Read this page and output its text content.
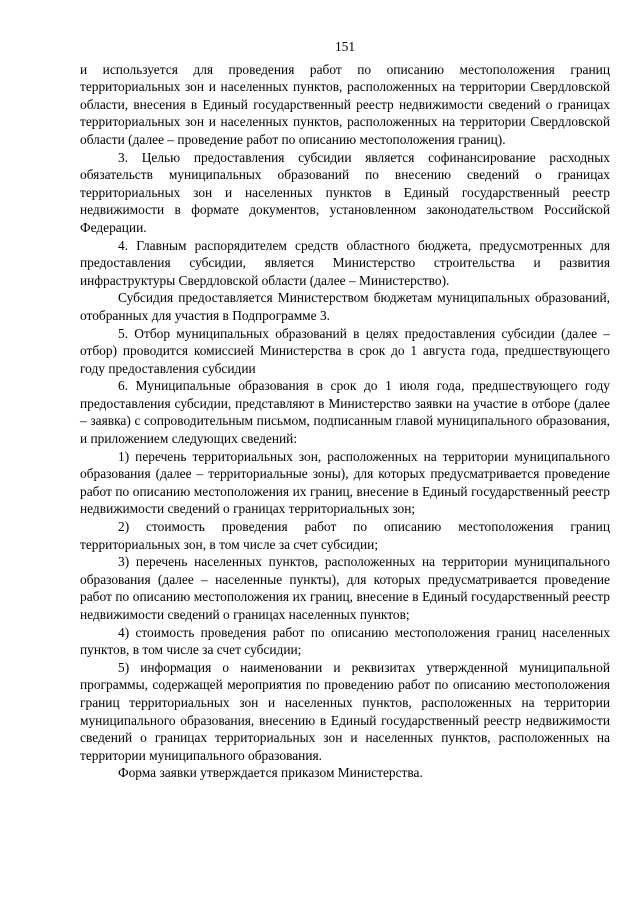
151

и используется для проведения работ по описанию местоположения границ территориальных зон и населенных пунктов, расположенных на территории Свердловской области, внесения в Единый государственный реестр недвижимости сведений о границах территориальных зон и населенных пунктов, расположенных на территории Свердловской области (далее – проведение работ по описанию местоположения границ).

3. Целью предоставления субсидии является софинансирование расходных обязательств муниципальных образований по внесению сведений о границах территориальных зон и населенных пунктов в Единый государственный реестр недвижимости в формате документов, установленном законодательством Российской Федерации.

4. Главным распорядителем средств областного бюджета, предусмотренных для предоставления субсидии, является Министерство строительства и развития инфраструктуры Свердловской области (далее – Министерство).

Субсидия предоставляется Министерством бюджетам муниципальных образований, отобранных для участия в Подпрограмме 3.

5. Отбор муниципальных образований в целях предоставления субсидии (далее – отбор) проводится комиссией Министерства в срок до 1 августа года, предшествующего году предоставления субсидии

6. Муниципальные образования в срок до 1 июля года, предшествующего году предоставления субсидии, представляют в Министерство заявки на участие в отборе (далее – заявка) с сопроводительным письмом, подписанным главой муниципального образования, и приложением следующих сведений:

1) перечень территориальных зон, расположенных на территории муниципального образования (далее – территориальные зоны), для которых предусматривается проведение работ по описанию местоположения их границ, внесение в Единый государственный реестр недвижимости сведений о границах территориальных зон;

2) стоимость проведения работ по описанию местоположения границ территориальных зон, в том числе за счет субсидии;

3) перечень населенных пунктов, расположенных на территории муниципального образования (далее – населенные пункты), для которых предусматривается проведение работ по описанию местоположения их границ, внесение в Единый государственный реестр недвижимости сведений о границах населенных пунктов;

4) стоимость проведения работ по описанию местоположения границ населенных пунктов, в том числе за счет субсидии;

5) информация о наименовании и реквизитах утвержденной муниципальной программы, содержащей мероприятия по проведению работ по описанию местоположения границ территориальных зон и населенных пунктов, расположенных на территории муниципального образования, внесению в Единый государственный реестр недвижимости сведений о границах территориальных зон и населенных пунктов, расположенных на территории муниципального образования.

Форма заявки утверждается приказом Министерства.
